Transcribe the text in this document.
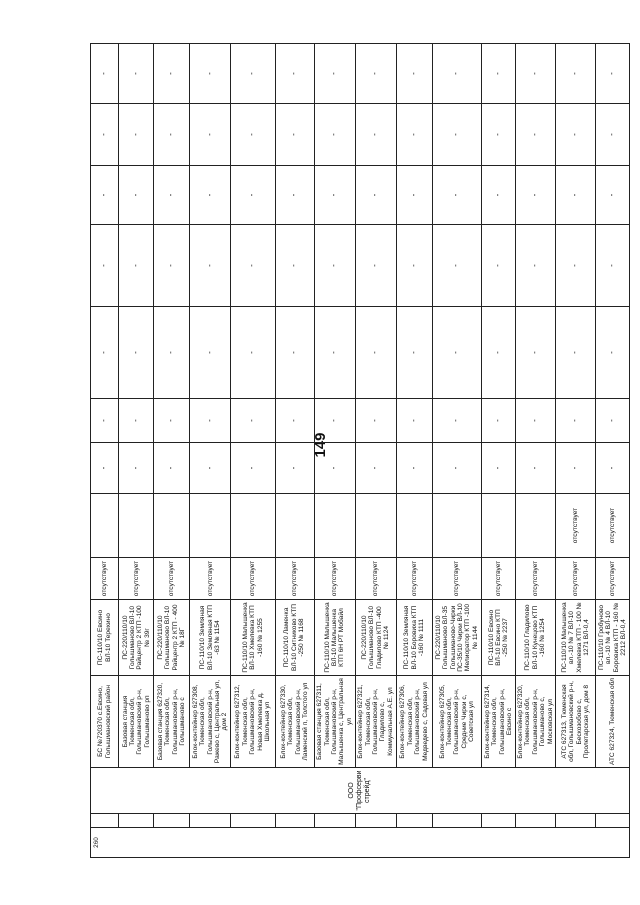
149
260		ООО "Профсервистрейд"	БС №720370 с.Евсино, Голышмановский район	ПС-110/10 Евсино ВЛ-10 Терехино	отсутствует		-	-	-	-	-	-	-
			Базовая станция Тюменская обл, Голышмановский р-н, Голышманово рп	ПС-220/110/10 Голышманово ВЛ-10 Райцентр 2 КТП -100 № 39г	отсутствует		-	-	-	-	-	-	-
			Базовая станция 627320, Тюменская обл, Голышмановский р-н, Голышманово с	ПС-220/110/10 Голышманово ВЛ-10 Райцентр 2 КТП - 400 № 18Г	отсутствует		-	-	-	-	-	-	-
			Блок-контейнер 627308, Тюменская обл, Голышмановский р-н, Ражево с, Центральная ул, дом 2	ПС-110/10 Земляная ВЛ-10 Земляная КТП -63 № 1154	отсутствует		-	-	-	-	-	-	-
			Блок-контейнер 627312, Тюменская обл, Голышмановский р-н, Новая Хмелевка д, Школьная ул	ПС-110/10 Малышенка ВЛ-10 Хмелевка КТП -160 № 1255	отсутствует		-	-	-	-	-	-	-
			Блок-контейнер 627330, Тюменская обл, Голышмановский р-н, Ламенский п, Толстого ул	ПС-110/10 Ламенка ВЛ-10 Ситниково КТП -250 № 1168	отсутствует		-	-	-	-	-	-	-
			Базовая станция 627311, Тюменская обл, Голышмановский р-н, Малышенка с, Центральная ул	ПС-110/10 Малышенка ВЛ-10 Малышенка КТП 6Н РТ Мобайл	отсутствует		-	-	-	-	-	-	-
			Блок-контейнер 627321, Тюменская обл, Голышмановский р-н, Гладилово с, Коммунальная А.Е. ул	ПС-220/110/10 Голышманово ВЛ-10 Гладилово КТП -400 № 1124	отсутствует		-	-	-	-	-	-	-
			Блок-контейнер 627306, Тюменская обл, Голышмановский р-н, Медведево с, Садовая ул	ПС-110/10 Земляная ВЛ-10 Боровиха КТП -160 № 1111	отсутствует		-	-	-	-	-	-	-
			Блок-контейнер 627305, Тюменская обл, Голышмановский р-н, Средние Чирки с, Советская ул	ПС-220/110/10 Голышманово ВЛ-35 Голышманово-Чирки ПС-35/10 Чирки ВЛ-10 Мелиоратор КТП -100 № 1144	отсутствует		-	-	-	-	-	-	-
			Блок-контейнер 627314, Тюменская обл, Голышмановский р-н, Евсино с	ПС-110/10 Евсино ВЛ-10 Евсино КТП -250 № 2237	отсутствует		-	-	-	-	-	-	-
			Блок-контейнер 627320, Тюменская обл, Голышмановский р-н, Голышманово с, Московская ул	ПС-110/10 Гладилово ВЛ-10 Кунецово КТП -160 № 1254	отсутствует		-	-	-	-	-	-	-
			АТС 627313, Тюменская обл, Голышмановский р-н, Бескозобово с, Пролетарская ул, дом 8	ПС-110/10 Малышенка вл.-10 № 7 ВЛ-10 Хмелевка КТП - 100 № 1271 ВЛ-0,4	отсутствует	отсутствует	-	-	-	-	-	-	-
			АТС 627324, Тюменская обл	ПС-110/10 Гробуново вл.-10 № 4 ВЛ-10 Боровиха КТП - 160 № 2212 ВЛ-0,4	отсутствует	отсутствует	-	-	-	-	-	-	-
